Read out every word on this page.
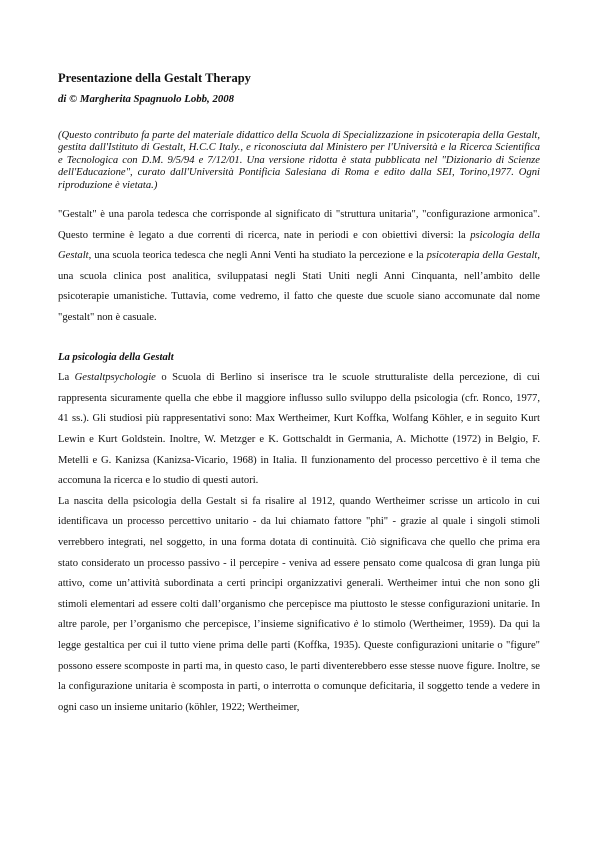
Presentazione della Gestalt Therapy

di © Margherita Spagnuolo Lobb, 2008

(Questo contributo fa parte del materiale didattico della Scuola di Specializzazione in psicoterapia della Gestalt, gestita dall'Istituto di Gestalt, H.C.C Italy., e riconosciuta dal Ministero per l'Università e la Ricerca Scientifica e Tecnologica con D.M. 9/5/94 e 7/12/01. Una versione ridotta è stata pubblicata nel "Dizionario di Scienze dell'Educazione", curato dall'Università Pontificia Salesiana di Roma e edito dalla SEI, Torino,1977. Ogni riproduzione è vietata.)

"Gestalt" è una parola tedesca che corrisponde al significato di "struttura unitaria", "configurazione armonica". Questo termine è legato a due correnti di ricerca, nate in periodi e con obiettivi diversi: la psicologia della Gestalt, una scuola teorica tedesca che negli Anni Venti ha studiato la percezione e la psicoterapia della Gestalt, una scuola clinica post analitica, sviluppatasi negli Stati Uniti negli Anni Cinquanta, nell’ambito delle psicoterapie umanistiche. Tuttavia, come vedremo, il fatto che queste due scuole siano accomunate dal nome "gestalt" non è casuale.

La psicologia della Gestalt

La Gestaltpsychologie o Scuola di Berlino si inserisce tra le scuole strutturaliste della percezione, di cui rappresenta sicuramente quella che ebbe il maggiore influsso sullo sviluppo della psicologia (cfr. Ronco, 1977, 41 ss.). Gli studiosi più rappresentativi sono: Max Wertheimer, Kurt Koffka, Wolfang Köhler, e in seguito Kurt Lewin e Kurt Goldstein. Inoltre, W. Metzger e K. Gottschaldt in Germania, A. Michotte (1972) in Belgio, F. Metelli e G. Kanizsa (Kanizsa-Vicario, 1968) in Italia. Il funzionamento del processo percettivo è il tema che accomuna la ricerca e lo studio di questi autori.

La nascita della psicologia della Gestalt si fa risalire al 1912, quando Wertheimer scrisse un articolo in cui identificava un processo percettivo unitario - da lui chiamato fattore "phi" - grazie al quale i singoli stimoli verrebbero integrati, nel soggetto, in una forma dotata di continuità. Ciò significava che quello che prima era stato considerato un processo passivo - il percepire - veniva ad essere pensato come qualcosa di gran lunga più attivo, come un’attività subordinata a certi principi organizzativi generali. Wertheimer intuì che non sono gli stimoli elementari ad essere colti dall’organismo che percepisce ma piuttosto le stesse configurazioni unitarie. In altre parole, per l’organismo che percepisce, l’insieme significativo è lo stimolo (Wertheimer, 1959). Da qui la legge gestaltica per cui il tutto viene prima delle parti (Koffka, 1935). Queste configurazioni unitarie o "figure" possono essere scomposte in parti ma, in questo caso, le parti diventerebbero esse stesse nuove figure. Inoltre, se la configurazione unitaria è scomposta in parti, o interrotta o comunque deficitaria, il soggetto tende a vedere in ogni caso un insieme unitario (köhler, 1922; Wertheimer,
